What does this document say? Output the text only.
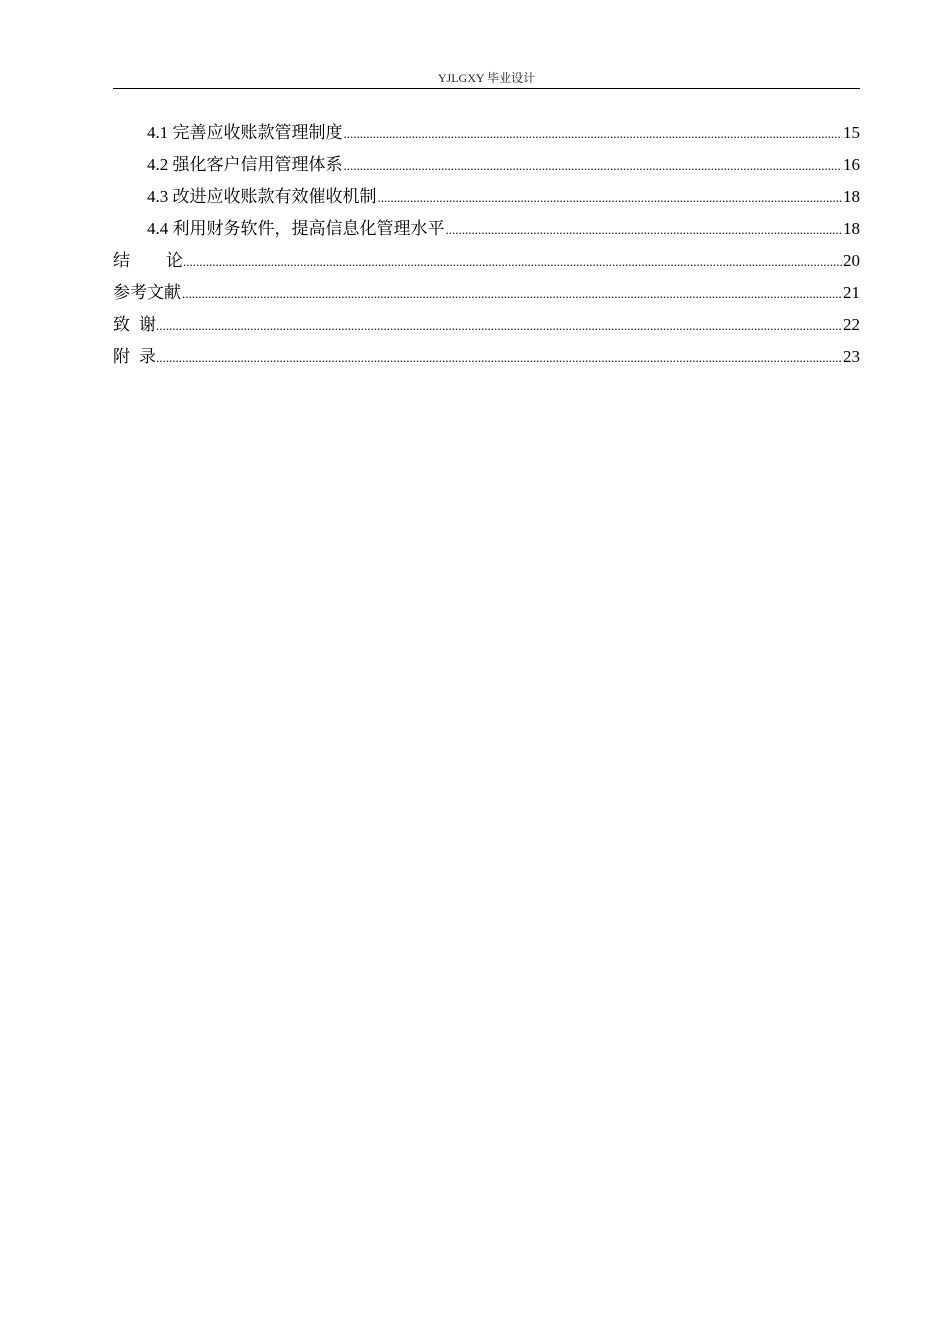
YJLGXY 毕业设计
4.1 完善应收账款管理制度 .....	15
4.2 强化客户信用管理体系 .....	16
4.3 改进应收账款有效催收机制 .....	18
4.4 利用财务软件，提高信息化管理水平 .....	18
结论 .....	20
参考文献 .....	21
致谢 .....	22
附录 .....	23
